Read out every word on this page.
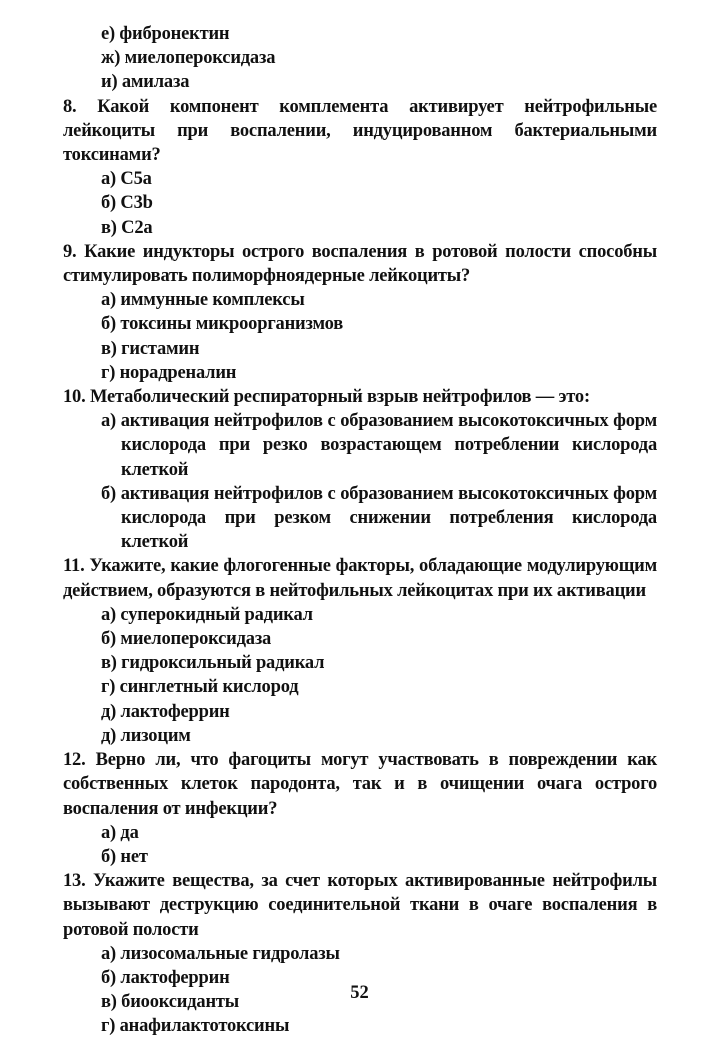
е) фибронектин
ж) миелопероксидаза
и) амилаза
8. Какой компонент комплемента активирует нейтрофильные лейкоциты при воспалении, индуцированном бактериальными токсинами?
а) С5а
б) С3b
в) С2а
9. Какие индукторы острого воспаления в ротовой полости способны стимулировать полиморфноядерные лейкоциты?
а) иммунные комплексы
б) токсины микроорганизмов
в) гистамин
г) норадреналин
10. Метаболический респираторный взрыв нейтрофилов — это:
а) активация нейтрофилов с образованием высокотоксичных форм кислорода при резко возрастающем потреблении кислорода клеткой
б) активация нейтрофилов с образованием высокотоксичных форм кислорода при резком снижении потребления кислорода клеткой
11. Укажите, какие флогогенные факторы, обладающие модулирующим действием, образуются в нейтофильных лейкоцитах при их активации
а) суперокидный радикал
б) миелопероксидаза
в) гидроксильный радикал
г) синглетный кислород
д) лактоферрин
д) лизоцим
12. Верно ли, что фагоциты могут участвовать в повреждении как собственных клеток пародонта, так и в очищении очага острого воспаления от инфекции?
а) да
б) нет
13. Укажите вещества, за счет которых активированные нейтрофилы вызывают деструкцию соединительной ткани в очаге воспаления в ротовой полости
а) лизосомальные гидролазы
б) лактоферрин
в) биооксиданты
г) анафилактотоксины
52
